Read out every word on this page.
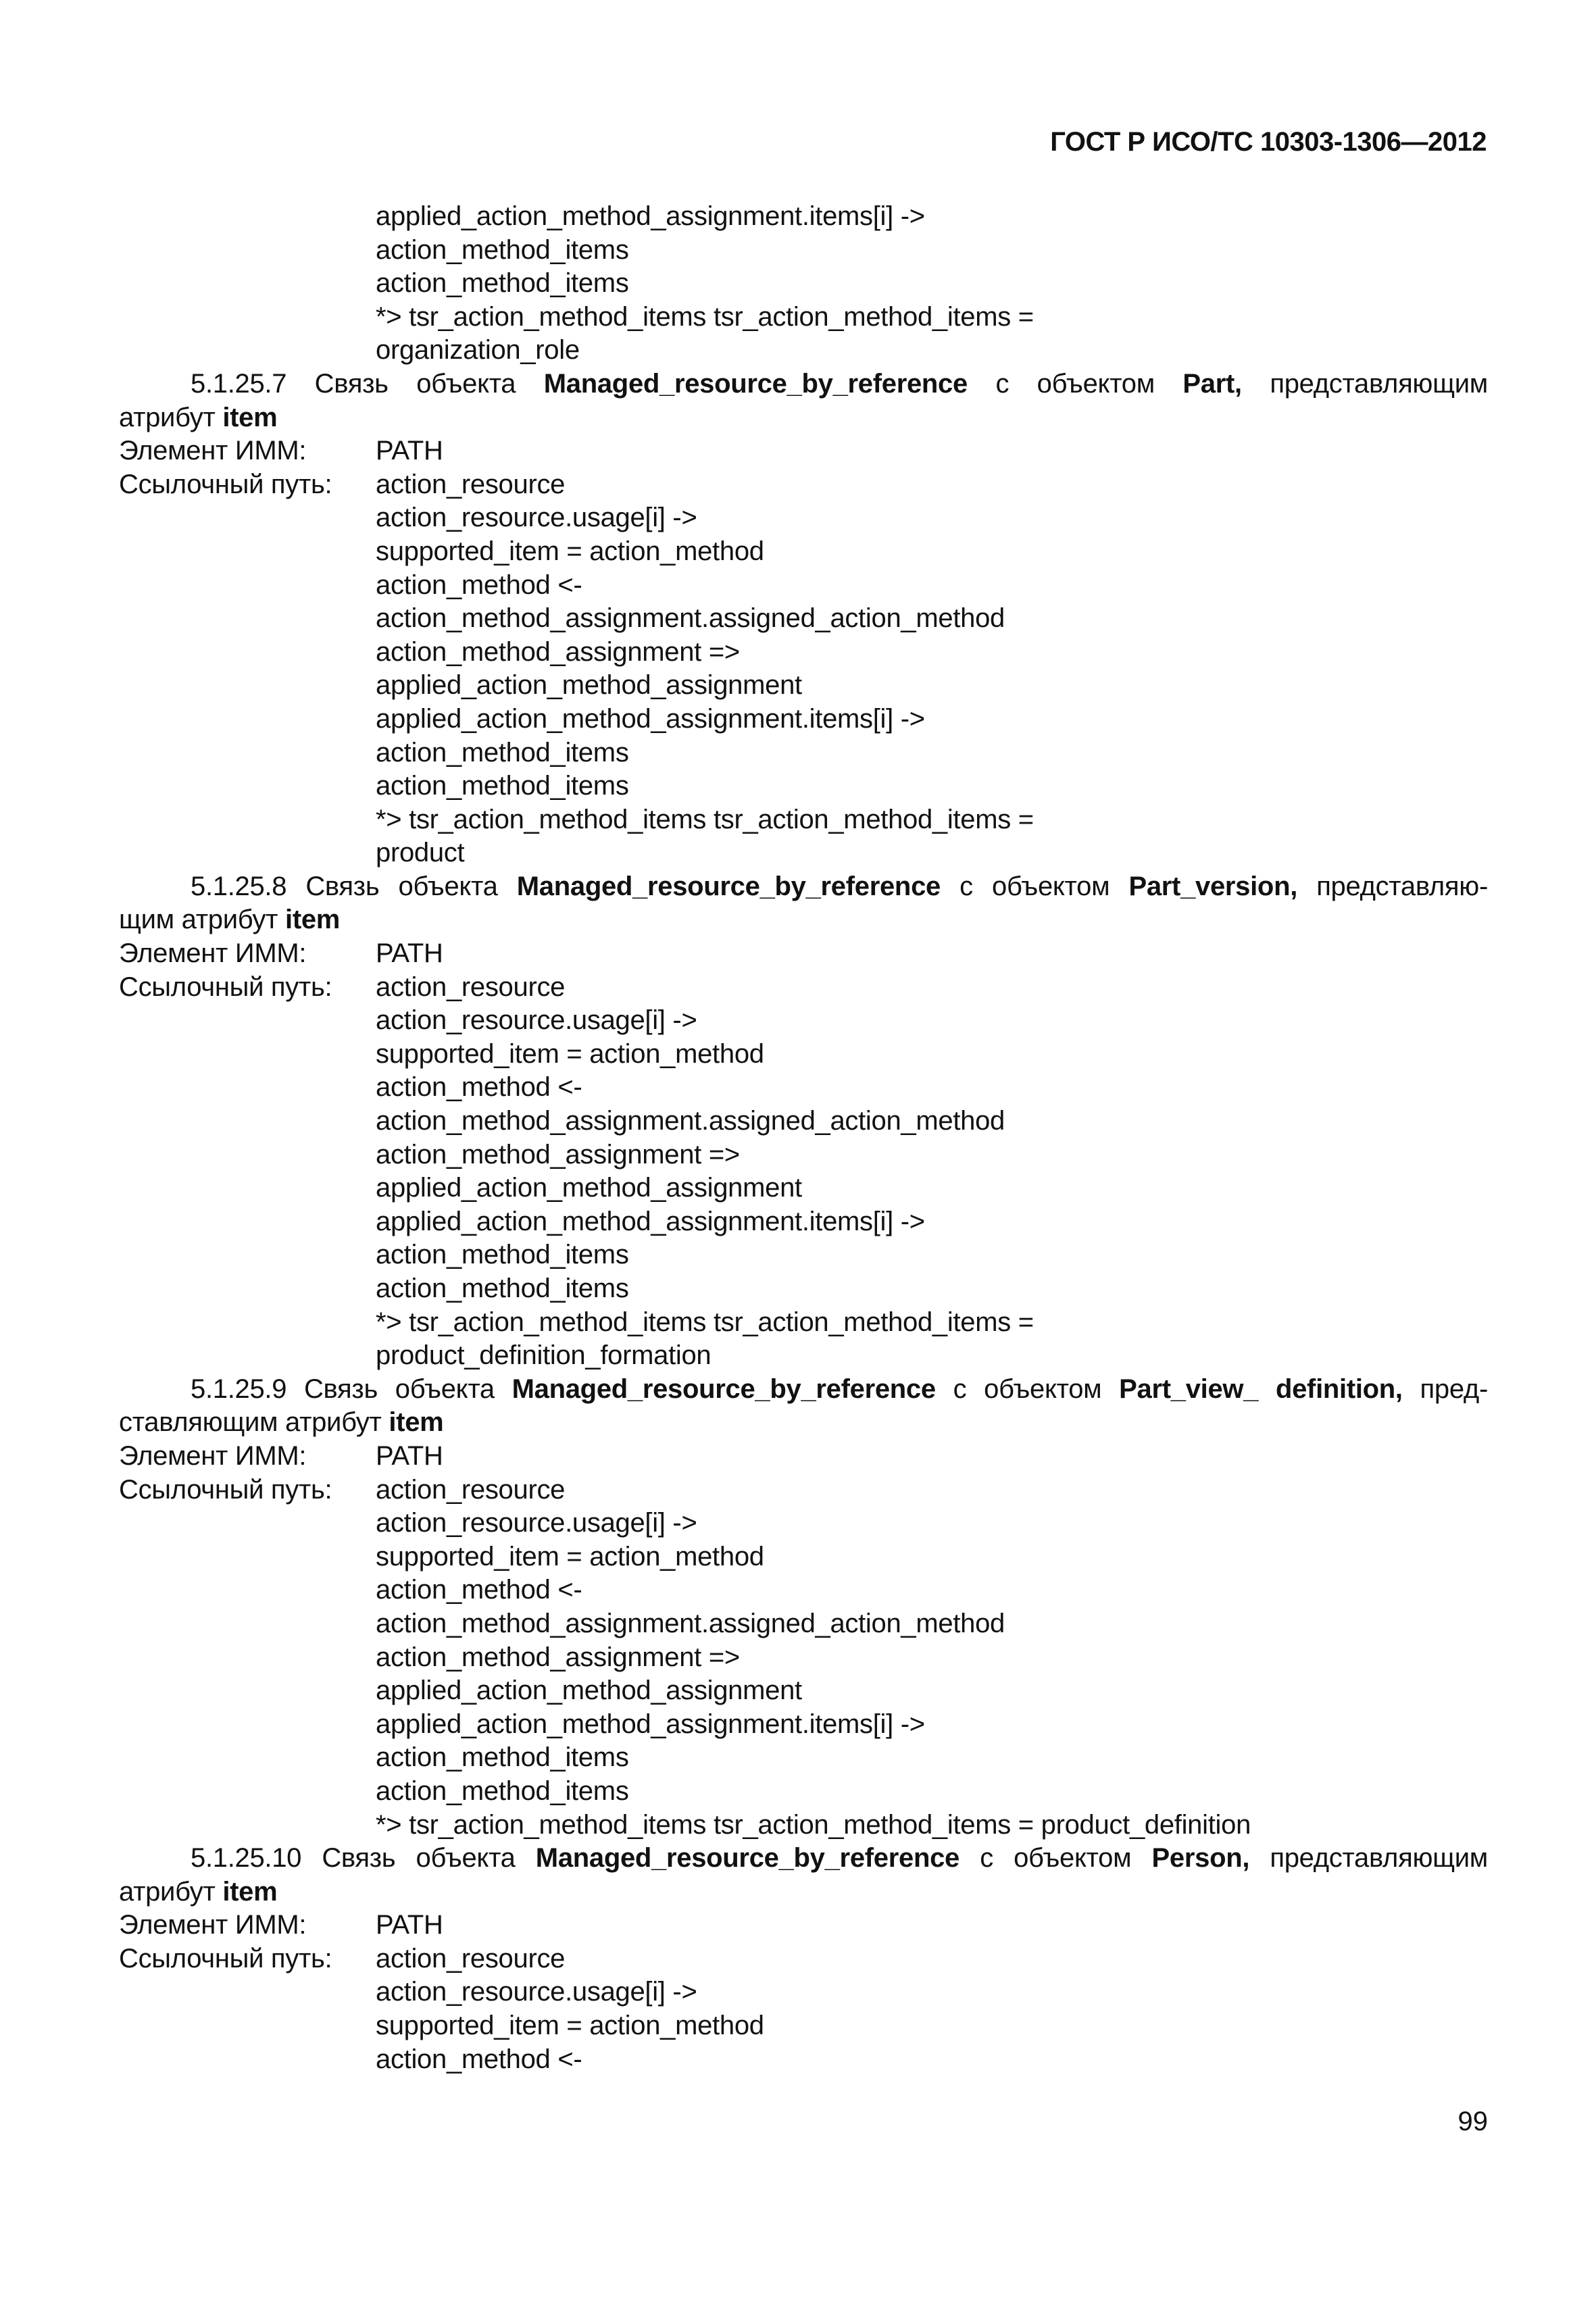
ГОСТ Р ИСО/ТС 10303-1306—2012
applied_action_method_assignment.items[i] ->
action_method_items
action_method_items
*> tsr_action_method_items tsr_action_method_items =
organization_role
5.1.25.7 Связь объекта Managed_resource_by_reference с объектом Part, представляющим
атрибут item
Элемент ИММ:	PATH
Ссылочный путь:	action_resource
action_resource.usage[i] ->
supported_item = action_method
action_method <-
action_method_assignment.assigned_action_method
action_method_assignment =>
applied_action_method_assignment
applied_action_method_assignment.items[i] ->
action_method_items
action_method_items
*> tsr_action_method_items tsr_action_method_items =
product
5.1.25.8 Связь объекта Managed_resource_by_reference с объектом Part_version, представляю-
щим атрибут item
Элемент ИММ:	PATH
Ссылочный путь:	action_resource
action_resource.usage[i] ->
supported_item = action_method
action_method <-
action_method_assignment.assigned_action_method
action_method_assignment =>
applied_action_method_assignment
applied_action_method_assignment.items[i] ->
action_method_items
action_method_items
*> tsr_action_method_items tsr_action_method_items =
product_definition_formation
5.1.25.9 Связь объекта Managed_resource_by_reference с объектом Part_view_ definition, пред-
ставляющим атрибут item
Элемент ИММ:	PATH
Ссылочный путь:	action_resource
action_resource.usage[i] ->
supported_item = action_method
action_method <-
action_method_assignment.assigned_action_method
action_method_assignment =>
applied_action_method_assignment
applied_action_method_assignment.items[i] ->
action_method_items
action_method_items
*> tsr_action_method_items tsr_action_method_items = product_definition
5.1.25.10 Связь объекта Managed_resource_by_reference с объектом Person, представляющим
атрибут item
Элемент ИММ:	PATH
Ссылочный путь:	action_resource
action_resource.usage[i] ->
supported_item = action_method
action_method <-
99
